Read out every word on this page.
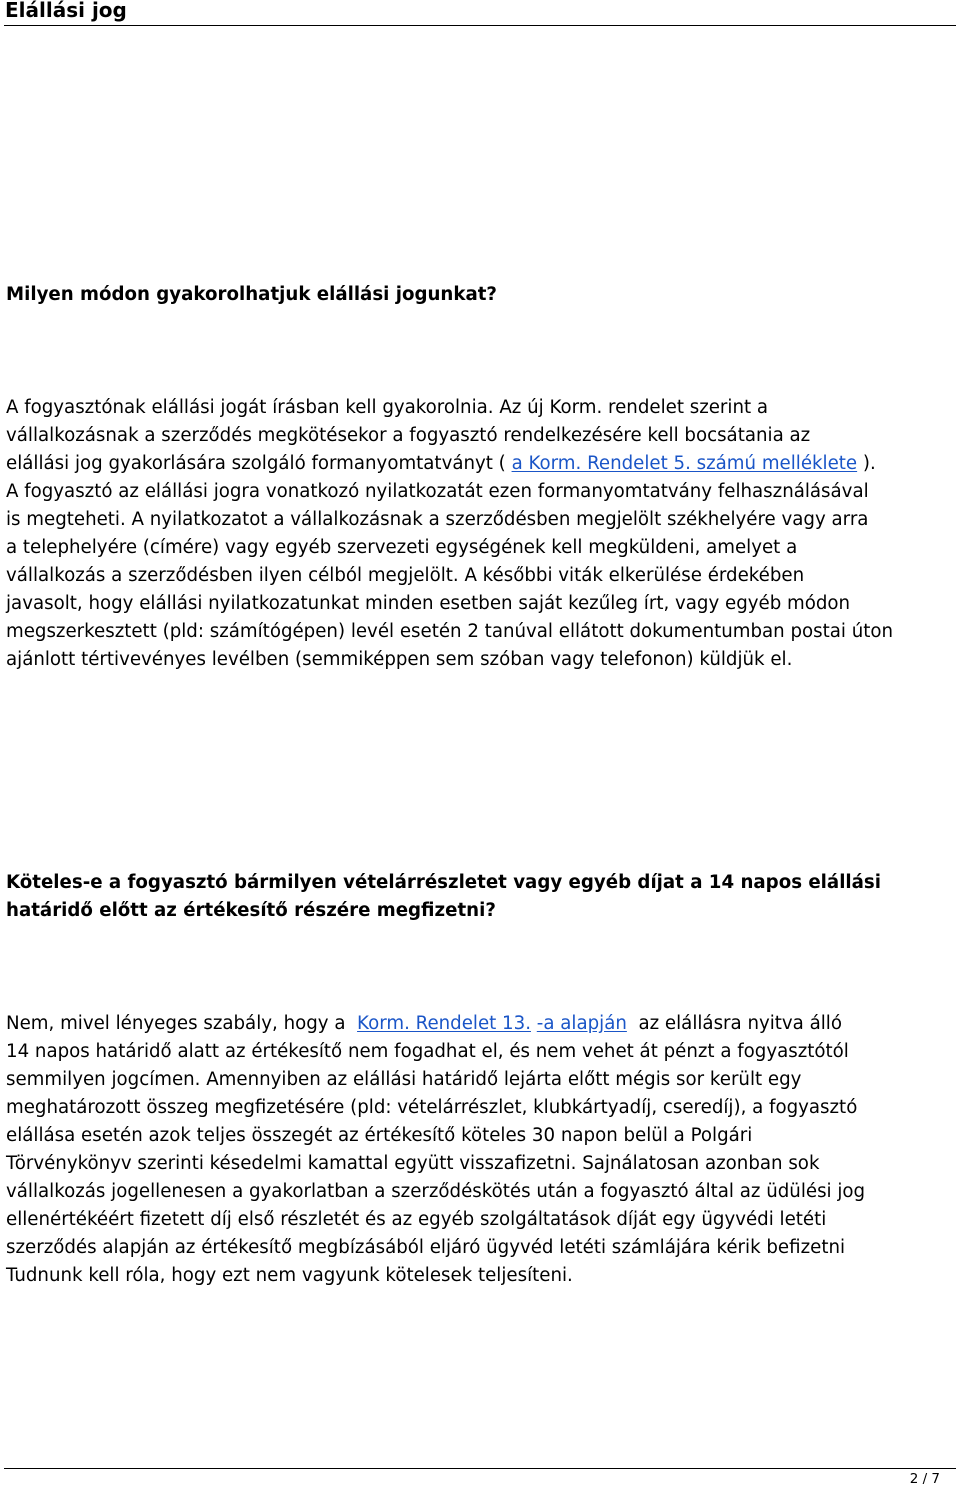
Elállási jog
Milyen módon gyakorolhatjuk elállási jogunkat?
A fogyasztónak elállási jogát írásban kell gyakorolnia. Az új Korm. rendelet szerint a
vállalkozásnak a szerződés megkötésekor a fogyasztó rendelkezésére kell bocsátania az
elállási jog gyakorlására szolgáló formanyomtatványt ( a Korm. Rendelet 5. számú melléklete ).
A fogyasztó az elállási jogra vonatkozó nyilatkozatát ezen formanyomtatvány felhasználásával
is megteheti. A nyilatkozatot a vállalkozásnak a szerződésben megjelölt székhelyére vagy arra
a telephelyére (címére) vagy egyéb szervezeti egységének kell megküldeni, amelyet a
vállalkozás a szerződésben ilyen célból megjelölt. A későbbi viták elkerülése érdekében
javasolt, hogy elállási nyilatkozatunkat minden esetben saját kezűleg írt, vagy egyéb módon
megszerkesztett (pld: számítógépen) levél esetén 2 tanúval ellátott dokumentumban postai úton
ajánlott tértivevényes levélben (semmiképpen sem szóban vagy telefonon) küldjük el.
Köteles-e a fogyasztó bármilyen vételárrészletet vagy egyéb díjat a 14 napos elállási
határidő előtt az értékesítő részére megfizetni?
Nem, mivel lényeges szabály, hogy a  Korm. Rendelet 13. -a alapján  az elállásra nyitva álló
14 napos határidő alatt az értékesítő nem fogadhat el, és nem vehet át pénzt a fogyasztótól
semmilyen jogcímen. Amennyiben az elállási határidő lejárta előtt mégis sor került egy
meghatározott összeg megfizetésére (pld: vételárrészlet, klubkártyadíj, cseredíj), a fogyasztó
elállása esetén azok teljes összegét az értékesítő köteles 30 napon belül a Polgári
Törvénykönyv szerinti késedelmi kamattal együtt visszafizetni. Sajnálatosan azonban sok
vállalkozás jogellenesen a gyakorlatban a szerződéskötés után a fogyasztó által az üdülési jog
ellenértékéért fizetett díj első részletét és az egyéb szolgáltatások díját egy ügyvédi letéti
szerződés alapján az értékesítő megbízásából eljáró ügyvéd letéti számlájára kérik befizetni
Tudnunk kell róla, hogy ezt nem vagyunk kötelesek teljesíteni.
2 / 7
